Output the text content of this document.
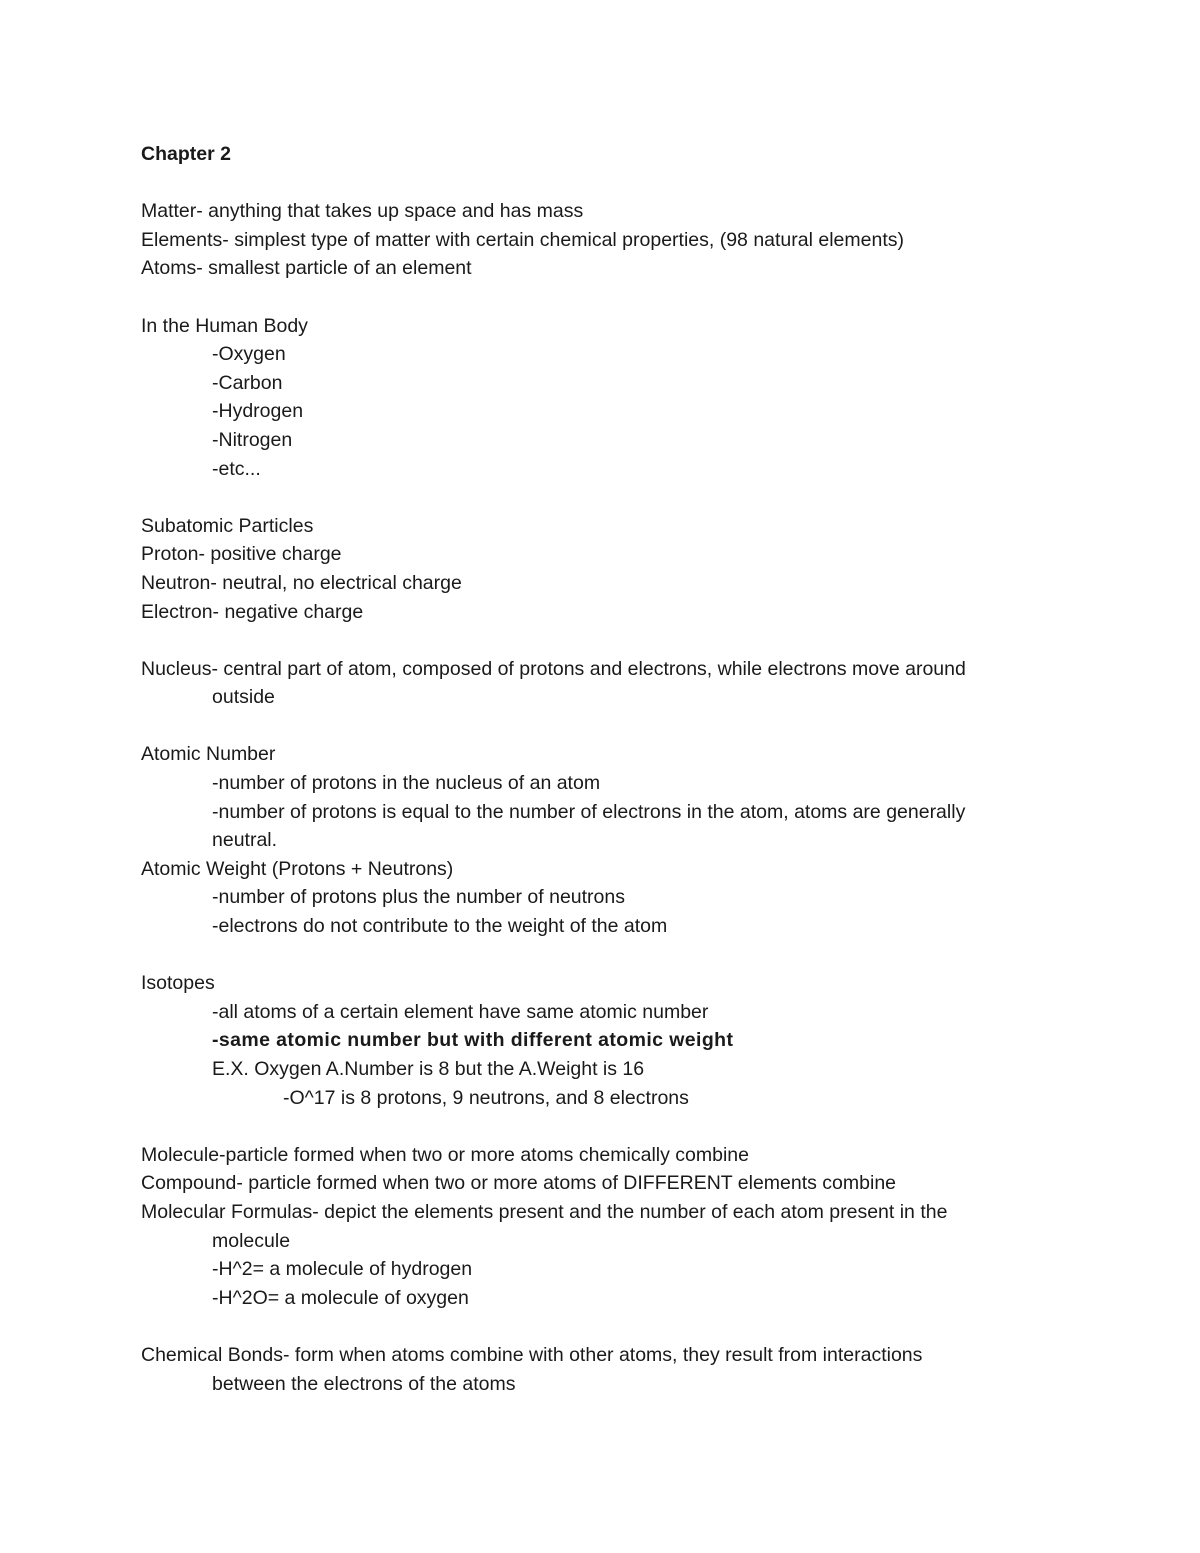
Chapter 2
Matter- anything that takes up space and has mass
Elements- simplest type of matter with certain chemical properties, (98 natural elements)
Atoms- smallest particle of an element
In the Human Body
-Oxygen
-Carbon
-Hydrogen
-Nitrogen
-etc...
Subatomic Particles
Proton- positive charge
Neutron- neutral, no electrical charge
Electron- negative charge
Nucleus- central part of atom, composed of protons and electrons, while electrons move around
outside
Atomic Number
-number of protons in the nucleus of an atom
-number of protons is equal to the number of electrons in the atom, atoms are generally
neutral.
Atomic Weight (Protons + Neutrons)
-number of protons plus the number of neutrons
-electrons do not contribute to the weight of the atom
Isotopes
-all atoms of a certain element have same atomic number
-same atomic number but with different atomic weight
E.X. Oxygen A.Number is 8 but the A.Weight is 16
-O^17 is 8 protons, 9 neutrons, and 8 electrons
Molecule-particle formed when two or more atoms chemically combine
Compound- particle formed when two or more atoms of DIFFERENT elements combine
Molecular Formulas- depict the elements present and the number of each atom present in the
molecule
-H^2= a molecule of hydrogen
-H^2O= a molecule of oxygen
Chemical Bonds- form when atoms combine with other atoms, they result from interactions
between the electrons of the atoms
